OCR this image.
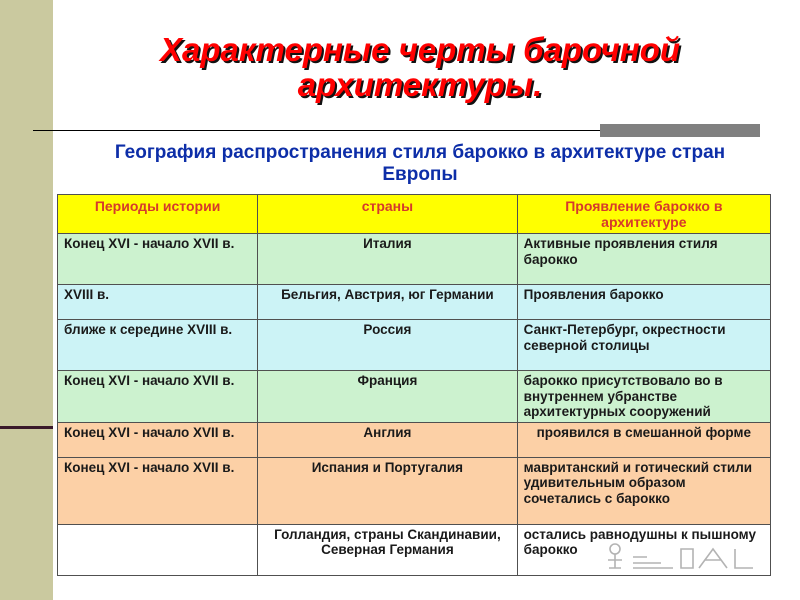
Характерные черты барочной архитектуры.
География распространения стиля барокко в архитектуре стран Европы
Периоды истории	страны	Проявление барокко в архитектуре
Конец XVI - начало XVII в.	Италия	Активные проявления стиля барокко
XVIII в.	Бельгия, Австрия, юг Германии	Проявления барокко
ближе к середине XVIII в.	Россия	Санкт-Петербург, окрестности северной столицы
Конец XVI - начало XVII в.	Франция	барокко присутствовало во в внутреннем убранстве архитектурных сооружений
Конец XVI - начало XVII в.	Англия	проявился в смешанной форме
Конец XVI - начало XVII в.	Испания и Португалия	мавританский и готический стили удивительным образом сочетались с барокко
	Голландия, страны Скандинавии, Северная Германия	остались равнодушны к пышному барокко
